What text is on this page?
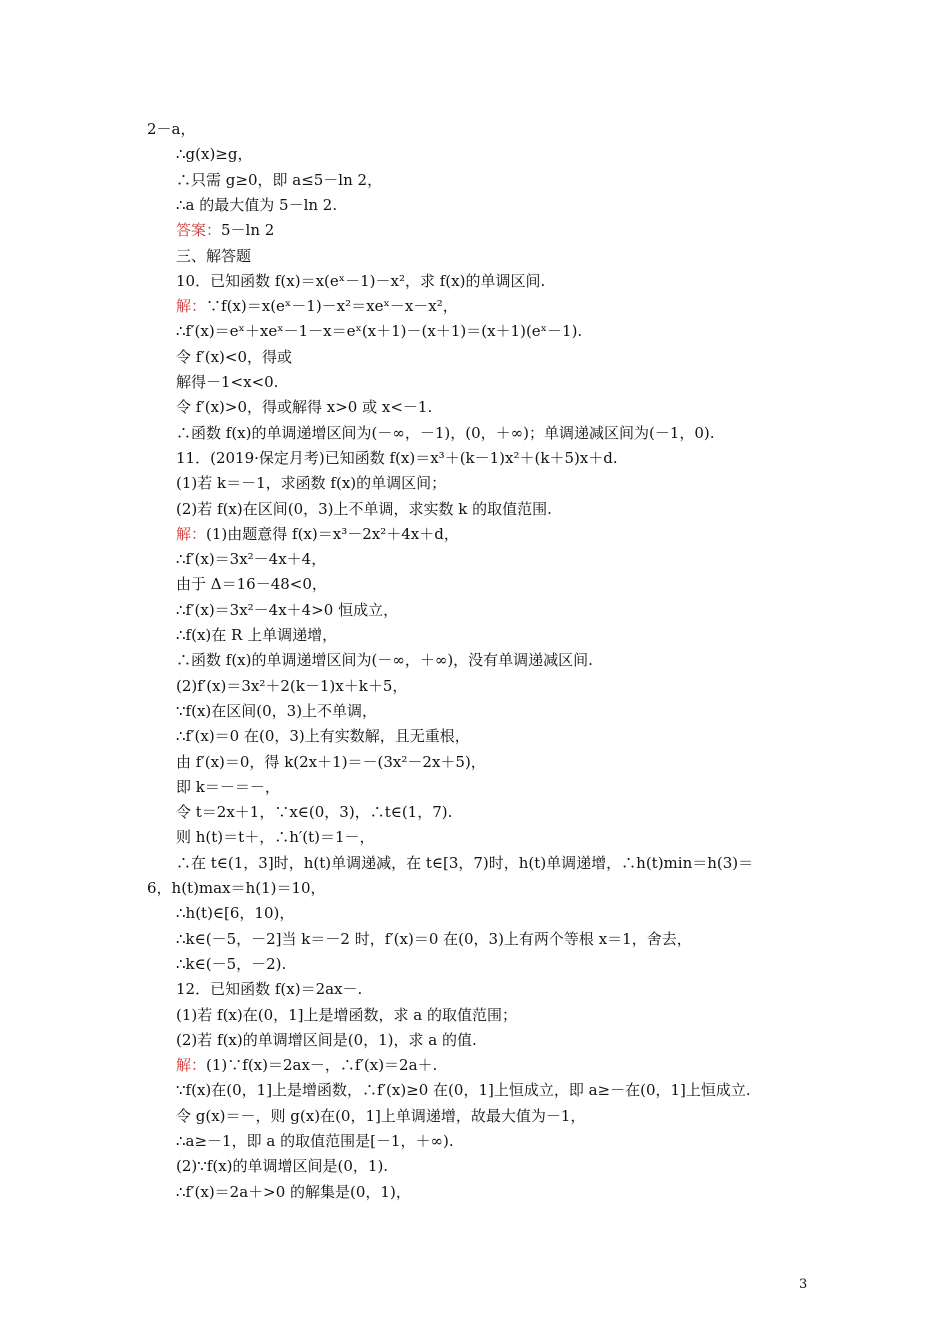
2－a，
∴g(x)≥g，
∴只需 g≥0，即 a≤5－ln 2，
∴a 的最大值为 5－ln 2.
答案：5－ln 2
三、解答题
10．已知函数 f(x)＝x(eˣ－1)－x²，求 f(x)的单调区间.
解：∵f(x)＝x(eˣ－1)－x²＝xeˣ－x－x²，
∴f′(x)＝eˣ＋xeˣ－1－x＝eˣ(x＋1)－(x＋1)＝(x＋1)(eˣ－1).
令 f′(x)<0，得或
解得－1<x<0.
令 f′(x)>0，得或解得 x>0 或 x<－1.
∴函数 f(x)的单调递增区间为(－∞，－1)，(0，＋∞)；单调递减区间为(－1，0).
11．(2019·保定月考)已知函数 f(x)＝x³＋(k－1)x²＋(k＋5)x＋d.
(1)若 k＝－1，求函数 f(x)的单调区间；
(2)若 f(x)在区间(0，3)上不单调，求实数 k 的取值范围.
解：(1)由题意得 f(x)＝x³－2x²＋4x＋d，
∴f′(x)＝3x²－4x＋4，
由于 Δ＝16－48<0，
∴f′(x)＝3x²－4x＋4>0 恒成立，
∴f(x)在 R 上单调递增，
∴函数 f(x)的单调递增区间为(－∞，＋∞)，没有单调递减区间.
(2)f′(x)＝3x²＋2(k－1)x＋k＋5，
∵f(x)在区间(0，3)上不单调，
∴f′(x)＝0 在(0，3)上有实数解，且无重根，
由 f′(x)＝0，得 k(2x＋1)＝－(3x²－2x＋5)，
即 k＝－＝－，
令 t＝2x＋1，∵x∈(0，3)，∴t∈(1，7).
则 h(t)＝t＋，∴h′(t)＝1－，
∴在 t∈(1，3]时，h(t)单调递减，在 t∈[3，7)时，h(t)单调递增，∴h(t)min＝h(3)＝
6，h(t)max＝h(1)＝10，
∴h(t)∈[6，10)，
∴k∈(－5，－2]当 k＝－2 时，f′(x)＝0 在(0，3)上有两个等根 x＝1，舍去，
∴k∈(－5，－2).
12．已知函数 f(x)＝2ax－.
(1)若 f(x)在(0，1]上是增函数，求 a 的取值范围；
(2)若 f(x)的单调增区间是(0，1)，求 a 的值.
解：(1)∵f(x)＝2ax－，∴f′(x)＝2a＋.
∵f(x)在(0，1]上是增函数，∴f′(x)≥0 在(0，1]上恒成立，即 a≥－在(0，1]上恒成立.
令 g(x)＝－，则 g(x)在(0，1]上单调递增，故最大值为－1，
∴a≥－1，即 a 的取值范围是[－1，＋∞).
(2)∵f(x)的单调增区间是(0，1).
∴f′(x)＝2a＋>0 的解集是(0，1)，
3
